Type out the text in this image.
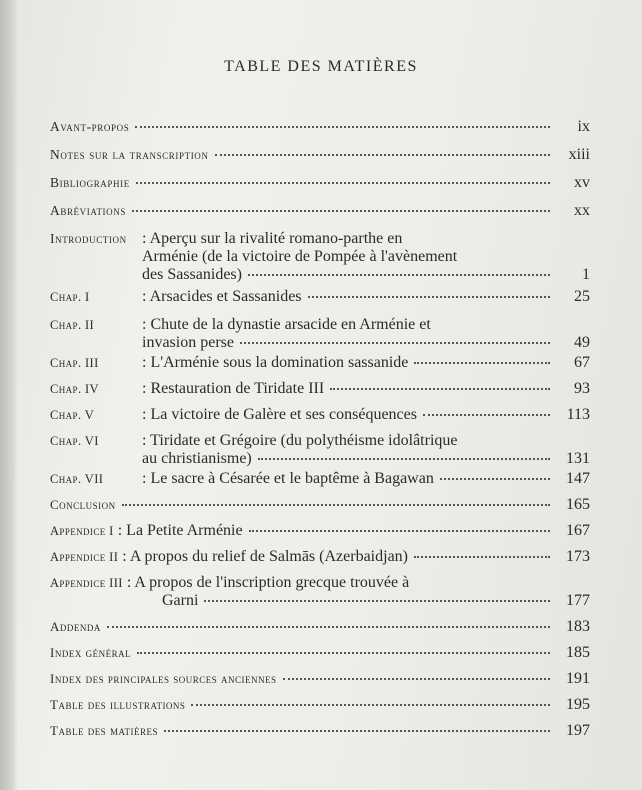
TABLE DES MATIÈRES
Avant-propos	ix
Notes sur la transcription	xiii
Bibliographie	xv
Abréviations	xx
Introduction : Aperçu sur la rivalité romano-parthe en
Arménie (de la victoire de Pompée à l'avènement
des Sassanides)	1
Chap. I	: Arsacides et Sassanides	25
Chap. II	: Chute de la dynastie arsacide en Arménie et
invasion perse	49
Chap. III	: L'Arménie sous la domination sassanide	67
Chap. IV	: Restauration de Tiridate III	93
Chap. V	: La victoire de Galère et ses conséquences	113
Chap. VI	: Tiridate et Grégoire (du polythéisme idolâtrique
au christianisme)	131
Chap. VII	: Le sacre à Césarée et le baptême à Bagawan	147
Conclusion	165
Appendice I : La Petite Arménie	167
Appendice II : A propos du relief de Salmās (Azerbaidjan)	173
Appendice III : A propos de l'inscription grecque trouvée à
Garni	177
Addenda	183
Index général	185
Index des principales sources anciennes	191
Table des illustrations	195
Table des matières	197
